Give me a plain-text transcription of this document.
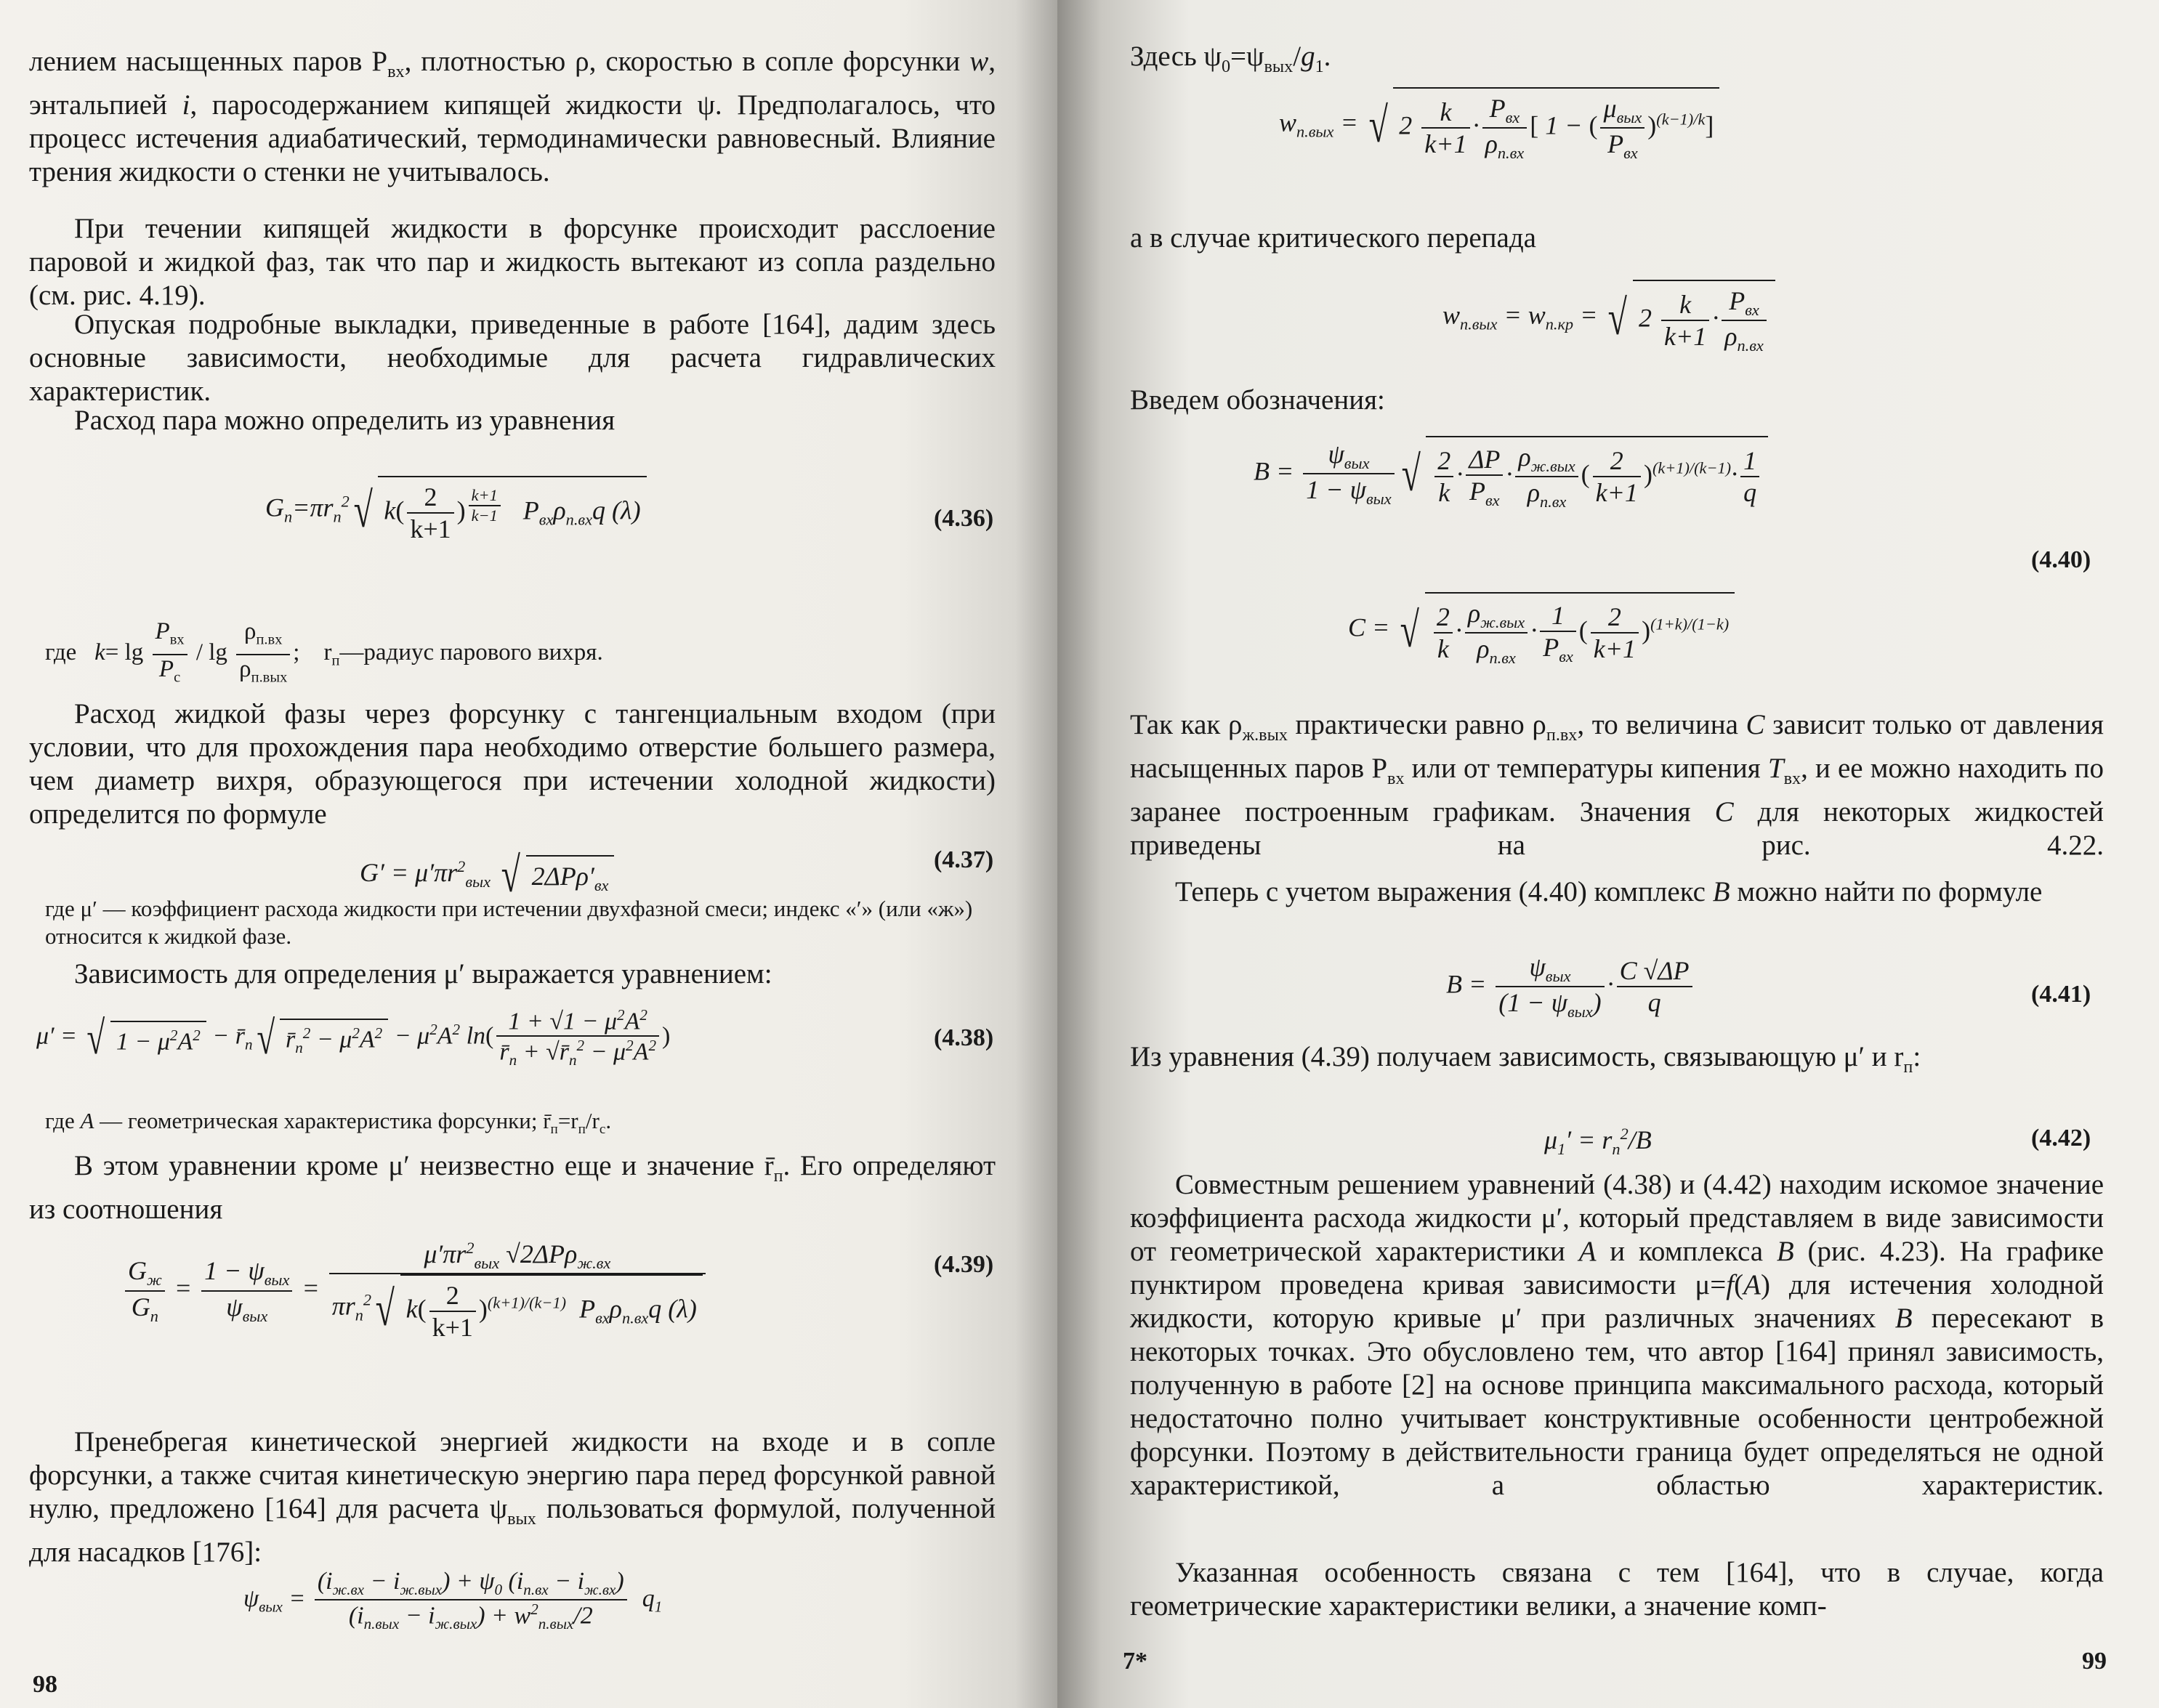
лением насыщенных паров $P_{вх}$, плотностью ρ, скоростью в сопле форсунки w, энтальпией i, паросодержанием кипящей жидкости ψ. Предполагалось, что процесс истечения адиабатический, термодинамически равновесный. Влияние трения жидкости о стенки не учитывалось.
При течении кипящей жидкости в форсунке происходит расслоение паровой и жидкой фаз, так что пар и жидкость вытекают из сопла раздельно (см. рис. 4.19).
Опуская подробные выкладки, приведенные в работе [164], дадим здесь основные зависимости, необходимые для расчета гидравлических характеристик.
Расход пара можно определить из уравнения
$G_п=\pi r_п^2√$ $k( \frac{2}{k+1}$ ) $^{\frac{k+1}{k-1}}$ $P_{вх}\rho_{п.вх}q$ (λ)	(4.36)
где $k= \lg \frac{P_{вх}}{P_с} / \lg \frac{\rho_{п.вх}}{\rho_{п.вых}}$ ;    $r_п—радиус$ парового вихря.
Расход жидкой фазы через форсунку с тангенциальным входом (при условии, что для прохождения пара необходимо отверстие большего размера, чем диаметр вихря, образующегося при истечении холодной жидкости) определится по формуле
$G' = \mu'\pi r^2_{вых}$ √ $2\Delta P\rho'_{вх}$
(4.37)
где μ′ — коэффициент расхода жидкости при истечении двухфазной смеси; индекс «′» (или «ж») относится к жидкой фазе.
Зависимость для определения μ′ выражается уравнением:
μ′ = √ $1 - \mu^2A^2$ − $r̄_п√$ $r̄_п^2 - \mu^2A^2 - \mu^2A^2$ $\ln( \frac{1 + √1 - \mu^2A^2}{r̄_п + √r̄_п^2 - \mu^2A^2}$ )	(4.38)
где A — геометрическая характеристика форсунки; $r̄_п=r_п/r_с$.
В этом уравнении кроме μ′ неизвестно еще и значение $r̄_п$. Его определяют из соотношения
$\frac{G_ж}{G_п} = \frac{1 - \psi_{вых}}{\psi_{вых}} = \frac{\mu'\pi r^2_{вых} √2\Delta P\rho_{ж.вх}}{\pi r_п^2√ k( \frac{2}{k+1} )^{(k+1)/(k-1)} P_{вх}\rho_{п.вх}q (\lambda)}$	(4.39)
Пренебрегая кинетической энергией жидкости на входе и в сопле форсунки, а также считая кинетическую энергию пара перед форсункой равной нулю, предложено [164] для расчета $\psi_{вых}$ пользоваться формулой, полученной для насадков [176]:
$\psi_{вых} = \frac{(i_{ж.вх} - i_{ж.вых}) + \psi_0 (i_{п.вх} - i_{ж.вх})}{(i_{п.вых} - i_{ж.вых}) + w^2_{п.вых}/2} q_1$
98
Здесь $\psi_0=\psi_{вых}/g_1$.
$w_{п.вых}$ = √ $2 \frac{k}{k+1} \cdot \frac{P_{вх}}{\rho_{п.вх}}$ [ 1 − ( $\frac{\mu_{вых}}{P_{вх}} )^{(k-1)/k}$]
а в случае критического перепада
$w_{п.вых} = w_{п.кр}$ = √ $2 \frac{k}{k+1} \cdot \frac{P_{вх}}{\rho_{п.вх}}$
Введем обозначения:
$B = \frac{\psi_{вых}}{1 - \psi_{вых}}$ √ $\frac{2}{k} \cdot \frac{\Delta P}{P_{вх}} \cdot \frac{\rho_{ж.вых}}{\rho_{п.вх}}$ ( $\frac{2}{k+1} )^{(k+1)/(k-1)}\cdot \frac{1}{q}$
(4.40)
C = √ $\frac{2}{k} \cdot \frac{\rho_{ж.вых}}{\rho_{п.вх}} \cdot \frac{1}{P_{вх}}$ ( $\frac{2}{k+1} )^{(1+k)/(1-k)}$
Так как $\rho_{ж.вых}$ практически равно $\rho_{п.вх}$, то величина C зависит только от давления насыщенных паров $P_{вх}$ или от температуры кипения $T_{вх}$, и ее можно находить по заранее построенным графикам. Значения C для некоторых жидкостей приведены на рис. 4.22.
Теперь с учетом выражения (4.40) комплекс B можно найти по формуле
$B = \frac{\psi_{вых}}{(1 - \psi_{вых})} \cdot \frac{C √\Delta P}{q}$	(4.41)
Из уравнения (4.39) получаем зависимость, связывающую μ′ и $r_п$:
$\mu_1' = r_п^2/B$	(4.42)
Совместным решением уравнений (4.38) и (4.42) находим искомое значение коэффициента расхода жидкости μ′, который представляем в виде зависимости от геометрической характеристики A и комплекса B (рис. 4.23). На графике пунктиром проведена кривая зависимости μ=f(A) для истечения холодной жидкости, которую кривые μ′ при различных значениях B пересекают в некоторых точках. Это обусловлено тем, что автор [164] принял зависимость, полученную в работе [2] на основе принципа максимального расхода, который недостаточно полно учитывает конструктивные особенности центробежной форсунки. Поэтому в действительности граница будет определяться не одной характеристикой, а областью характеристик.
Указанная особенность связана с тем [164], что в случае, когда геометрические характеристики велики, а значение комп-
7*	99
